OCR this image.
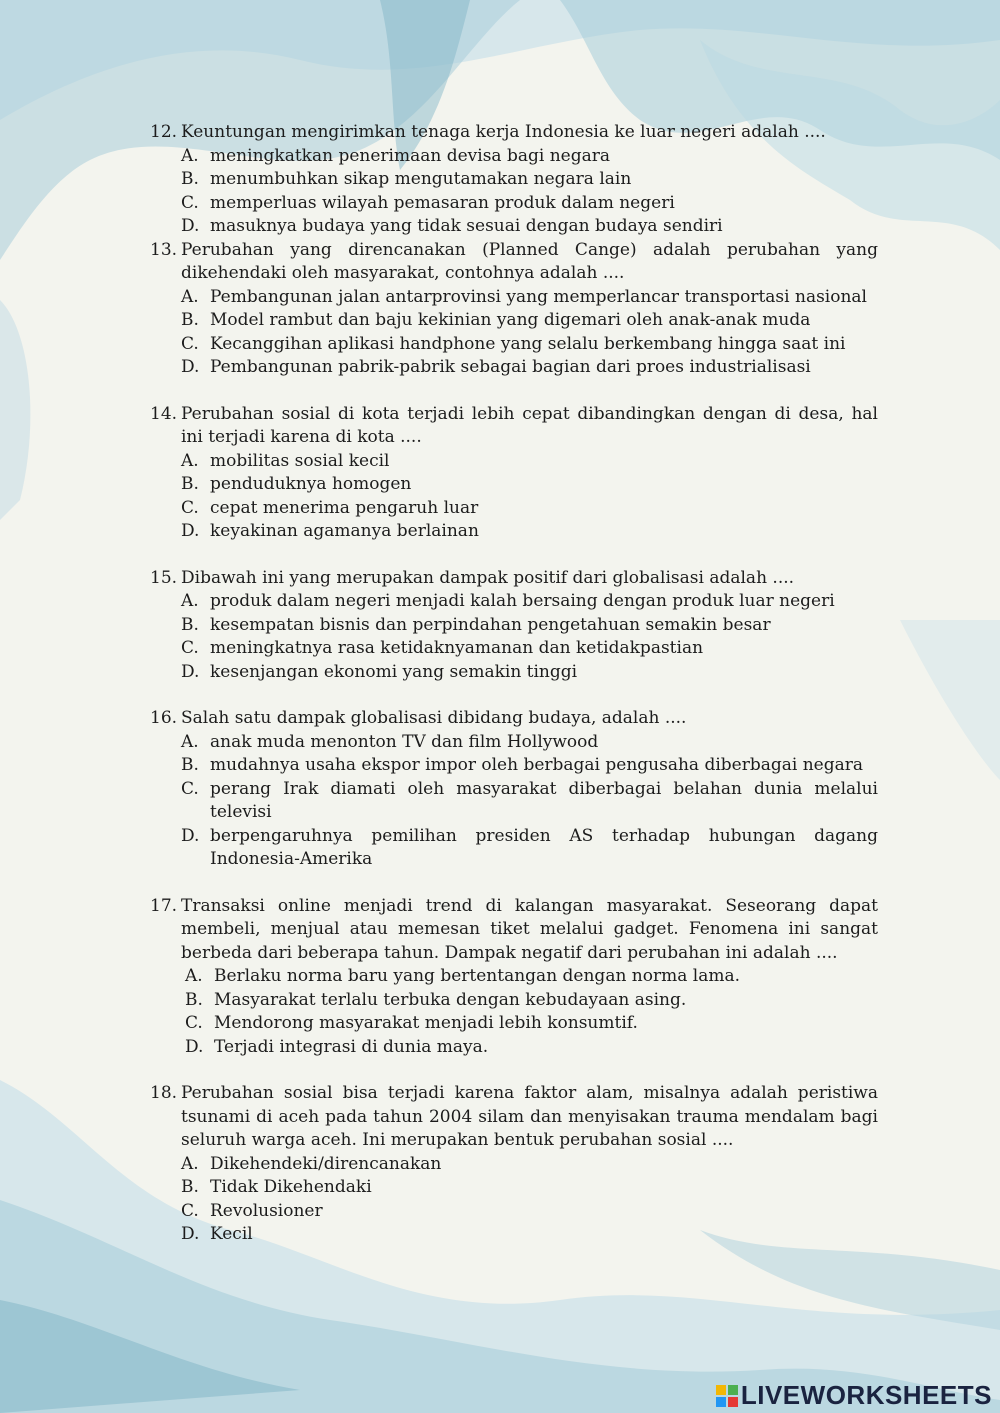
12. Keuntungan mengirimkan tenaga kerja Indonesia ke luar negeri adalah ....
A. meningkatkan penerimaan devisa bagi negara
B. menumbuhkan sikap mengutamakan negara lain
C. memperluas wilayah pemasaran produk dalam negeri
D. masuknya budaya yang tidak sesuai dengan budaya sendiri
13. Perubahan yang direncanakan (Planned Cange) adalah perubahan yang dikehendaki oleh masyarakat, contohnya adalah ....
A. Pembangunan jalan antarprovinsi yang memperlancar transportasi nasional
B. Model rambut dan baju kekinian yang digemari oleh anak-anak muda
C. Kecanggihan aplikasi handphone yang selalu berkembang hingga saat ini
D. Pembangunan pabrik-pabrik sebagai bagian dari proes industrialisasi
14. Perubahan sosial di kota terjadi lebih cepat dibandingkan dengan di desa, hal ini terjadi karena di kota ....
A. mobilitas sosial kecil
B. penduduknya homogen
C. cepat menerima pengaruh luar
D. keyakinan agamanya berlainan
15. Dibawah ini yang merupakan dampak positif dari globalisasi adalah ....
A. produk dalam negeri menjadi kalah bersaing dengan produk luar negeri
B. kesempatan bisnis dan perpindahan pengetahuan semakin besar
C. meningkatnya rasa ketidaknyamanan dan ketidakpastian
D. kesenjangan ekonomi yang semakin tinggi
16. Salah satu dampak globalisasi dibidang budaya, adalah ....
A. anak muda menonton TV dan film Hollywood
B. mudahnya usaha ekspor impor oleh berbagai pengusaha diberbagai negara
C. perang Irak diamati oleh masyarakat diberbagai belahan dunia melalui televisi
D. berpengaruhnya pemilihan presiden AS terhadap hubungan dagang Indonesia-Amerika
17. Transaksi online menjadi trend di kalangan masyarakat. Seseorang dapat membeli, menjual atau memesan tiket melalui gadget. Fenomena ini sangat berbeda dari beberapa tahun. Dampak negatif dari perubahan ini adalah ....
A. Berlaku norma baru yang bertentangan dengan norma lama.
B. Masyarakat terlalu terbuka dengan kebudayaan asing.
C. Mendorong masyarakat menjadi lebih konsumtif.
D. Terjadi integrasi di dunia maya.
18. Perubahan sosial bisa terjadi karena faktor alam, misalnya adalah peristiwa tsunami di aceh pada tahun 2004 silam dan menyisakan trauma mendalam bagi seluruh warga aceh. Ini merupakan bentuk perubahan sosial ....
A. Dikehendeki/direncanakan
B. Tidak Dikehendaki
C. Revolusioner
D. Kecil
LIVEWORKSHEETS
